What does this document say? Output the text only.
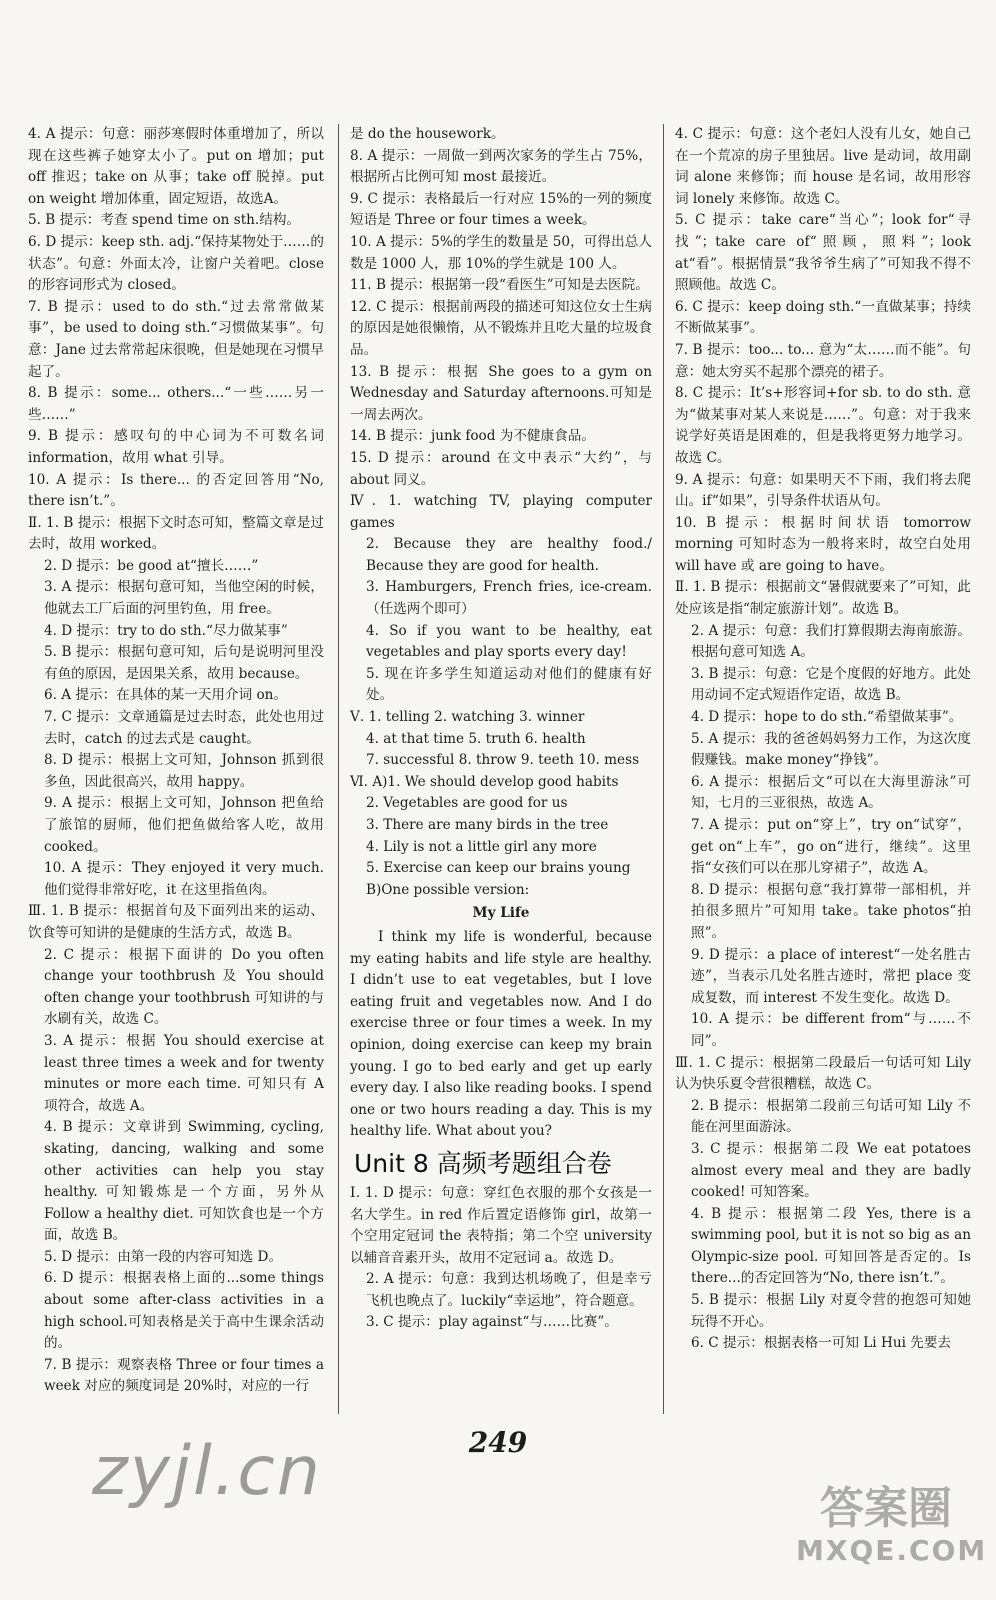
4. A 提示：句意：丽莎寒假时体重增加了，所以现在这些裤子她穿太小了。put on 增加；put off 推迟；take on 从事；take off 脱掉。put on weight 增加体重，固定短语，故选A。
5. B 提示：考查 spend time on sth.结构。
6. D 提示：keep sth. adj.“保持某物处于……的状态”。句意：外面太冷，让窗户关着吧。close 的形容词形式为 closed。
7. B 提示：used to do sth.“过去常常做某事”，be used to doing sth.“习惯做某事”。句意：Jane 过去常常起床很晚，但是她现在习惯早起了。
8. B 提示：some... others...“一些……另一些……”
9. B 提示：感叹句的中心词为不可数名词 information，故用 what 引导。
10. A 提示：Is there... 的否定回答用“No, there isn’t.”。
Ⅱ. 1. B 提示：根据下文时态可知，整篇文章是过去时，故用 worked。
2. D 提示：be good at“擅长……”
3. A 提示：根据句意可知，当他空闲的时候，他就去工厂后面的河里钓鱼，用 free。
4. D 提示：try to do sth.“尽力做某事”
5. B 提示：根据句意可知，后句是说明河里没有鱼的原因，是因果关系，故用 because。
6. A 提示：在具体的某一天用介词 on。
7. C 提示：文章通篇是过去时态，此处也用过去时，catch 的过去式是 caught。
8. D 提示：根据上文可知，Johnson 抓到很多鱼，因此很高兴，故用 happy。
9. A 提示：根据上文可知，Johnson 把鱼给了旅馆的厨师，他们把鱼做给客人吃，故用 cooked。
10. A 提示：They enjoyed it very much.他们觉得非常好吃，it 在这里指鱼肉。
Ⅲ. 1. B 提示：根据首句及下面列出来的运动、饮食等可知讲的是健康的生活方式，故选 B。
2. C 提示：根据下面讲的 Do you often change your toothbrush 及 You should often change your toothbrush 可知讲的与水刷有关，故选 C。
3. A 提示：根据 You should exercise at least three times a week and for twenty minutes or more each time. 可知只有 A 项符合，故选 A。
4. B 提示：文章讲到 Swimming, cycling, skating, dancing, walking and some other activities can help you stay healthy. 可知锻炼是一个方面，另外从 Follow a healthy diet. 可知饮食也是一个方面，故选 B。
5. D 提示：由第一段的内容可知选 D。
6. D 提示：根据表格上面的...some things about some after-class activities in a high school.可知表格是关于高中生课余活动的。
7. B 提示：观察表格 Three or four times a week 对应的频度词是 20%时，对应的一行
是 do the housework。
8. A 提示：一周做一到两次家务的学生占 75%，根据所占比例可知 most 最接近。
9. C 提示：表格最后一行对应 15%的一列的频度短语是 Three or four times a week。
10. A 提示：5%的学生的数量是 50，可得出总人数是 1000 人，那 10%的学生就是 100 人。
11. B 提示：根据第一段“看医生”可知是去医院。
12. C 提示：根据前两段的描述可知这位女士生病的原因是她很懒惰，从不锻炼并且吃大量的垃圾食品。
13. B 提示：根据 She goes to a gym on Wednesday and Saturday afternoons.可知是一周去两次。
14. B 提示：junk food 为不健康食品。
15. D 提示：around 在文中表示“大约”，与 about 同义。
Ⅳ. 1. watching TV, playing computer games
2. Because they are healthy food./ Because they are good for health.
3. Hamburgers, French fries, ice-cream.（任选两个即可）
4. So if you want to be healthy, eat vegetables and play sports every day!
5. 现在许多学生知道运动对他们的健康有好处。
Ⅴ. 1. telling 2. watching 3. winner
4. at that time 5. truth 6. health
7. successful 8. throw 9. teeth 10. mess
Ⅵ. A)1. We should develop good habits
2. Vegetables are good for us
3. There are many birds in the tree
4. Lily is not a little girl any more
5. Exercise can keep our brains young
B)One possible version:
My Life
I think my life is wonderful, because my eating habits and life style are healthy. I didn’t use to eat vegetables, but I love eating fruit and vegetables now. And I do exercise three or four times a week. In my opinion, doing exercise can keep my brain young. I go to bed early and get up early every day. I also like reading books. I spend one or two hours reading a day. This is my healthy life. What about you?
Unit 8 高频考题组合卷
Ⅰ. 1. D 提示：句意：穿红色衣服的那个女孩是一名大学生。in red 作后置定语修饰 girl，故第一个空用定冠词 the 表特指；第二个空 university 以辅音音素开头，故用不定冠词 a。故选 D。
2. A 提示：句意：我到达机场晚了，但是幸亏飞机也晚点了。luckily“幸运地”，符合题意。
3. C 提示：play against“与……比赛”。
4. C 提示：句意：这个老妇人没有儿女，她自己在一个荒凉的房子里独居。live 是动词，故用副词 alone 来修饰；而 house 是名词，故用形容词 lonely 来修饰。故选 C。
5. C 提示：take care“当心”；look for“寻找”；take care of“照顾，照料”；look at“看”。根据情景“我爷爷生病了”可知我不得不照顾他。故选 C。
6. C 提示：keep doing sth.“一直做某事；持续不断做某事”。
7. B 提示：too... to... 意为“太……而不能”。句意：她太穷买不起那个漂亮的裙子。
8. C 提示：It’s+形容词+for sb. to do sth. 意为“做某事对某人来说是……”。句意：对于我来说学好英语是困难的，但是我将更努力地学习。故选 C。
9. A 提示：句意：如果明天不下雨，我们将去爬山。if“如果”，引导条件状语从句。
10. B 提示：根据时间状语 tomorrow morning 可知时态为一般将来时，故空白处用 will have 或 are going to have。
Ⅱ. 1. B 提示：根据前文“暑假就要来了”可知，此处应该是指“制定旅游计划”。故选 B。
2. A 提示：句意：我们打算假期去海南旅游。根据句意可知选 A。
3. B 提示：句意：它是个度假的好地方。此处用动词不定式短语作定语，故选 B。
4. D 提示：hope to do sth.“希望做某事”。
5. A 提示：我的爸爸妈妈努力工作，为这次度假赚钱。make money“挣钱”。
6. A 提示：根据后文“可以在大海里游泳”可知，七月的三亚很热，故选 A。
7. A 提示：put on“穿上”，try on“试穿”，get on“上车”，go on“进行，继续”。这里指“女孩们可以在那儿穿裙子”，故选 A。
8. D 提示：根据句意“我打算带一部相机，并拍很多照片”可知用 take。take photos“拍照”。
9. D 提示：a place of interest“一处名胜古迹”，当表示几处名胜古迹时，常把 place 变成复数，而 interest 不发生变化。故选 D。
10. A 提示：be different from“与……不同”。
Ⅲ. 1. C 提示：根据第二段最后一句话可知 Lily 认为快乐夏令营很糟糕，故选 C。
2. B 提示：根据第二段前三句话可知 Lily 不能在河里面游泳。
3. C 提示：根据第二段 We eat potatoes almost every meal and they are badly cooked! 可知答案。
4. B 提示：根据第二段 Yes, there is a swimming pool, but it is not so big as an Olympic-size pool. 可知回答是否定的。Is there...的否定回答为“No, there isn’t.”。
5. B 提示：根据 Lily 对夏令营的抱怨可知她玩得不开心。
6. C 提示：根据表格一可知 Li Hui 先要去
249
zyjl.cn	答案圈
MXQE.COM
